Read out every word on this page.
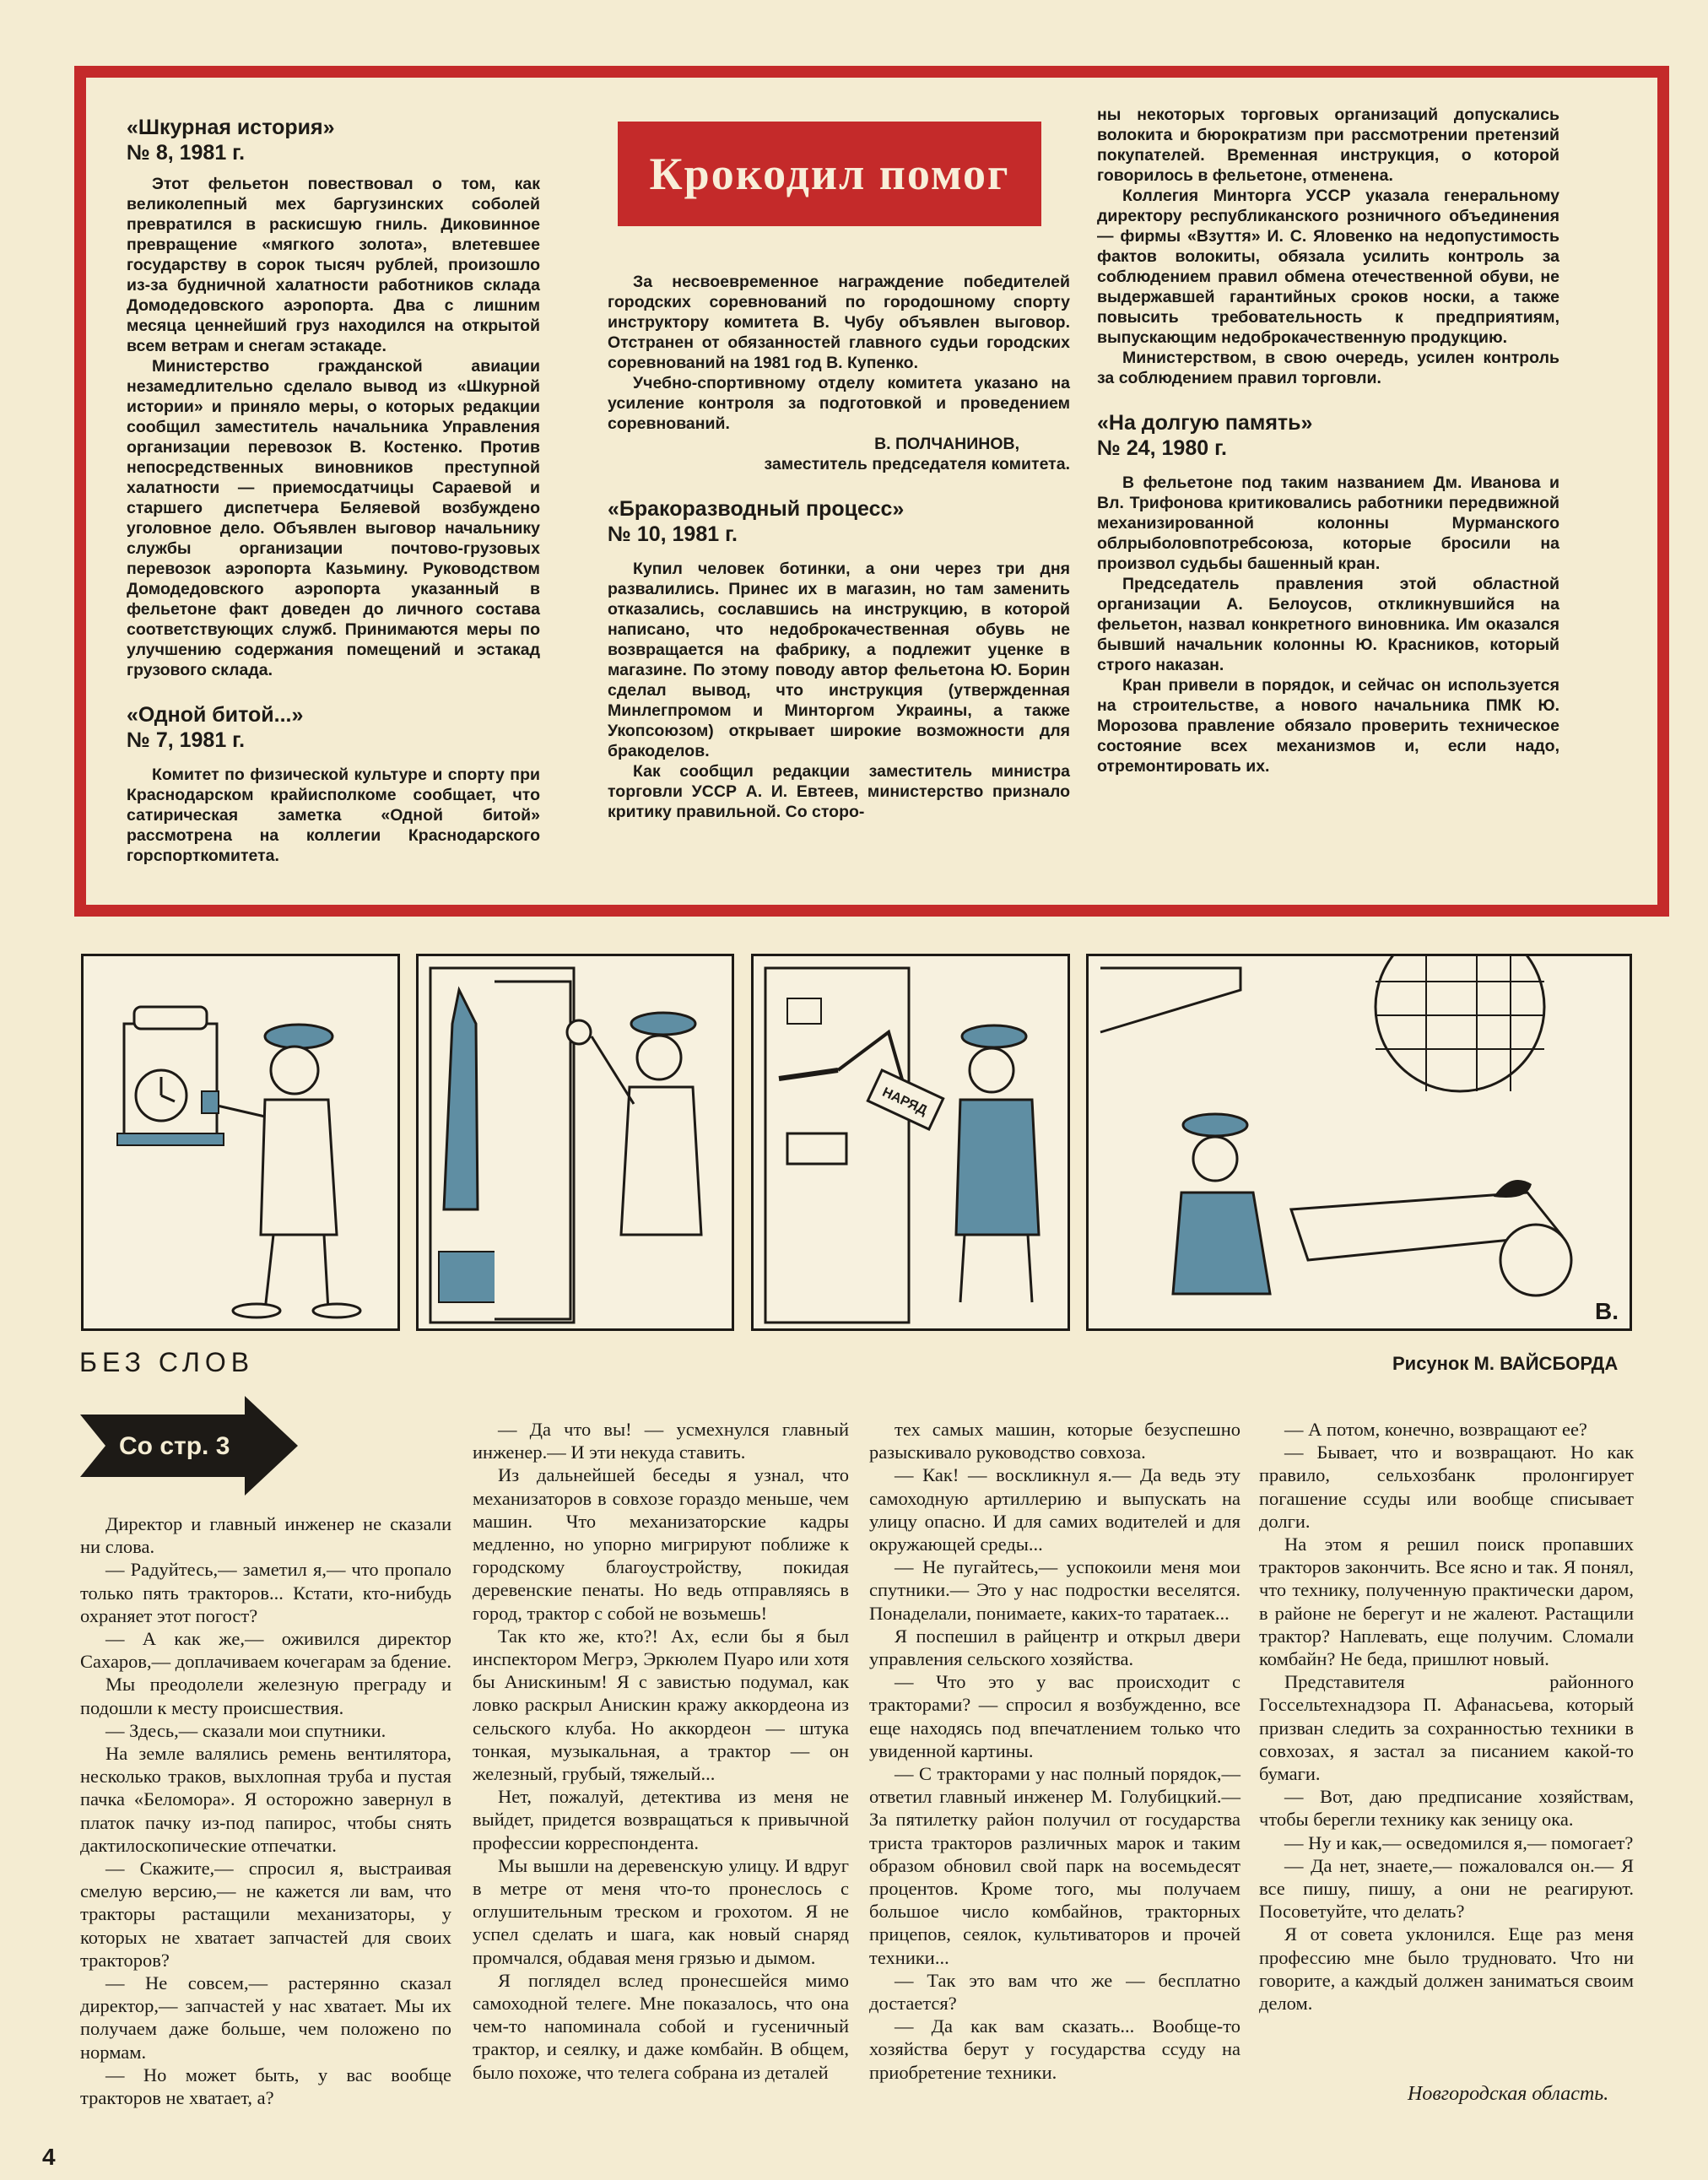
Крокодил помог

«Шкурная история»

№ 8, 1981 г.

Этот фельетон повествовал о том, как великолепный мех баргузинских соболей превратился в раскисшую гниль. Диковинное превращение «мягкого золота», влетевшее государству в сорок тысяч рублей, произошло из-за будничной халатности работников склада Домодедовского аэропорта. Два с лишним месяца ценнейший груз находился на открытой всем ветрам и снегам эстакаде.

Министерство гражданской авиации незамедлительно сделало вывод из «Шкурной истории» и приняло меры, о которых редакции сообщил заместитель начальника Управления организации перевозок В. Костенко. Против непосредственных виновников преступной халатности — приемосдатчицы Сараевой и старшего диспетчера Беляевой возбуждено уголовное дело. Объявлен выговор начальнику службы организации почтово-грузовых перевозок аэропорта Казьмину. Руководством Домодедовского аэропорта указанный в фельетоне факт доведен до личного состава соответствующих служб. Принимаются меры по улучшению содержания помещений и эстакад грузового склада.

«Одной битой...»

№ 7, 1981 г.

Комитет по физической культуре и спорту при Краснодарском крайисполкоме сообщает, что сатирическая заметка «Одной битой» рассмотрена на коллегии Краснодарского горспорткомитета.

За несвоевременное награждение победителей городских соревнований по городошному спорту инструктору комитета В. Чубу объявлен выговор. Отстранен от обязанностей главного судьи городских соревнований на 1981 год В. Купенко.

Учебно-спортивному отделу комитета указано на усиление контроля за подготовкой и проведением соревнований.

В. ПОЛЧАНИНОВ,

заместитель председателя комитета.

«Бракоразводный процесс»

№ 10, 1981 г.

Купил человек ботинки, а они через три дня развалились. Принес их в магазин, но там заменить отказались, сославшись на инструкцию, в которой написано, что недоброкачественная обувь не возвращается на фабрику, а подлежит уценке в магазине. По этому поводу автор фельетона Ю. Борин сделал вывод, что инструкция (утвержденная Минлегпромом и Минторгом Украины, а также Укопсоюзом) открывает широкие возможности для бракоделов.

Как сообщил редакции заместитель министра торговли УССР А. И. Евтеев, министерство признало критику правильной. Со сторо-

ны некоторых торговых организаций допускались волокита и бюрократизм при рассмотрении претензий покупателей. Временная инструкция, о которой говорилось в фельетоне, отменена.

Коллегия Минторга УССР указала генеральному директору республиканского розничного объединения — фирмы «Взуття» И. С. Яловенко на недопустимость фактов волокиты, обязала усилить контроль за соблюдением правил обмена отечественной обуви, не выдержавшей гарантийных сроков носки, а также повысить требовательность к предприятиям, выпускающим недоброкачественную продукцию.

Министерством, в свою очередь, усилен контроль за соблюдением правил торговли.

«На долгую память»

№ 24, 1980 г.

В фельетоне под таким названием Дм. Иванова и Вл. Трифонова критиковались работники передвижной механизированной колонны Мурманского облрыболовпотребсоюза, которые бросили на произвол судьбы башенный кран.

Председатель правления этой областной организации А. Белоусов, откликнувшийся на фельетон, назвал конкретного виновника. Им оказался бывший начальник колонны Ю. Красников, который строго наказан.

Кран привели в порядок, и сейчас он используется на строительстве, а нового начальника ПМК Ю. Морозова правление обязало проверить техническое состояние всех механизмов и, если надо, отремонтировать их.

НАРЯД
В.
БЕЗ СЛОВ	Рисунок М. ВАЙСБОРДА
Со стр. 3

Директор и главный инженер не сказали ни слова.

— Радуйтесь,— заметил я,— что пропало только пять тракторов... Кстати, кто-нибудь охраняет этот погост?

— А как же,— оживился директор Сахаров,— доплачиваем кочегарам за бдение.

Мы преодолели железную преграду и подошли к месту происшествия.

— Здесь,— сказали мои спутники.

На земле валялись ремень вентилятора, несколько траков, выхлопная труба и пустая пачка «Беломора». Я осторожно завернул в платок пачку из-под папирос, чтобы снять дактилоскопические отпечатки.

— Скажите,— спросил я, выстраивая смелую версию,— не кажется ли вам, что тракторы растащили механизаторы, у которых не хватает запчастей для своих тракторов?

— Не совсем,— растерянно сказал директор,— запчастей у нас хватает. Мы их получаем даже больше, чем положено по нормам.

— Но может быть, у вас вообще тракторов не хватает, а?

— Да что вы! — усмехнулся главный инженер.— И эти некуда ставить.

Из дальнейшей беседы я узнал, что механизаторов в совхозе гораздо меньше, чем машин. Что механизаторские кадры медленно, но упорно мигрируют поближе к городскому благоустройству, покидая деревенские пенаты. Но ведь отправляясь в город, трактор с собой не возьмешь!

Так кто же, кто?! Ах, если бы я был инспектором Мегрэ, Эркюлем Пуаро или хотя бы Анискиным! Я с завистью подумал, как ловко раскрыл Анискин кражу аккордеона из сельского клуба. Но аккордеон — штука тонкая, музыкальная, а трактор — он железный, грубый, тяжелый...

Нет, пожалуй, детектива из меня не выйдет, придется возвращаться к привычной профессии корреспондента.

Мы вышли на деревенскую улицу. И вдруг в метре от меня что-то пронеслось с оглушительным треском и грохотом. Я не успел сделать и шага, как новый снаряд промчался, обдавая меня грязью и дымом.

Я поглядел вслед пронесшейся мимо самоходной телеге. Мне показалось, что она чем-то напоминала собой и гусеничный трактор, и сеялку, и даже комбайн. В общем, было похоже, что телега собрана из деталей

тех самых машин, которые безуспешно разыскивало руководство совхоза.

— Как! — воскликнул я.— Да ведь эту самоходную артиллерию и выпускать на улицу опасно. И для самих водителей и для окружающей среды...

— Не пугайтесь,— успокоили меня мои спутники.— Это у нас подростки веселятся. Понаделали, понимаете, каких-то таратаек...

Я поспешил в райцентр и открыл двери управления сельского хозяйства.

— Что это у вас происходит с тракторами? — спросил я возбужденно, все еще находясь под впечатлением только что увиденной картины.

— С тракторами у нас полный порядок,— ответил главный инженер М. Голубицкий.— За пятилетку район получил от государства триста тракторов различных марок и таким образом обновил свой парк на восемьдесят процентов. Кроме того, мы получаем большое число комбайнов, тракторных прицепов, сеялок, культиваторов и прочей техники...

— Так это вам что же — бесплатно достается?

— Да как вам сказать... Вообще-то хозяйства берут у государства ссуду на приобретение техники.

— А потом, конечно, возвращают ее?

— Бывает, что и возвращают. Но как правило, сельхозбанк пролонгирует погашение ссуды или вообще списывает долги.

На этом я решил поиск пропавших тракторов закончить. Все ясно и так. Я понял, что технику, полученную практически даром, в районе не берегут и не жалеют. Растащили трактор? Наплевать, еще получим. Сломали комбайн? Не беда, пришлют новый.

Представителя районного Госсельтехнадзора П. Афанасьева, который призван следить за сохранностью техники в совхозах, я застал за писанием какой-то бумаги.

— Вот, даю предписание хозяйствам, чтобы берегли технику как зеницу ока.

— Ну и как,— осведомился я,— помогает?

— Да нет, знаете,— пожаловался он.— Я все пишу, пишу, а они не реагируют. Посоветуйте, что делать?

Я от совета уклонился. Еще раз меня профессию мне было трудновато. Что ни говорите, а каждый должен заниматься своим делом.

Новгородская область.
4
